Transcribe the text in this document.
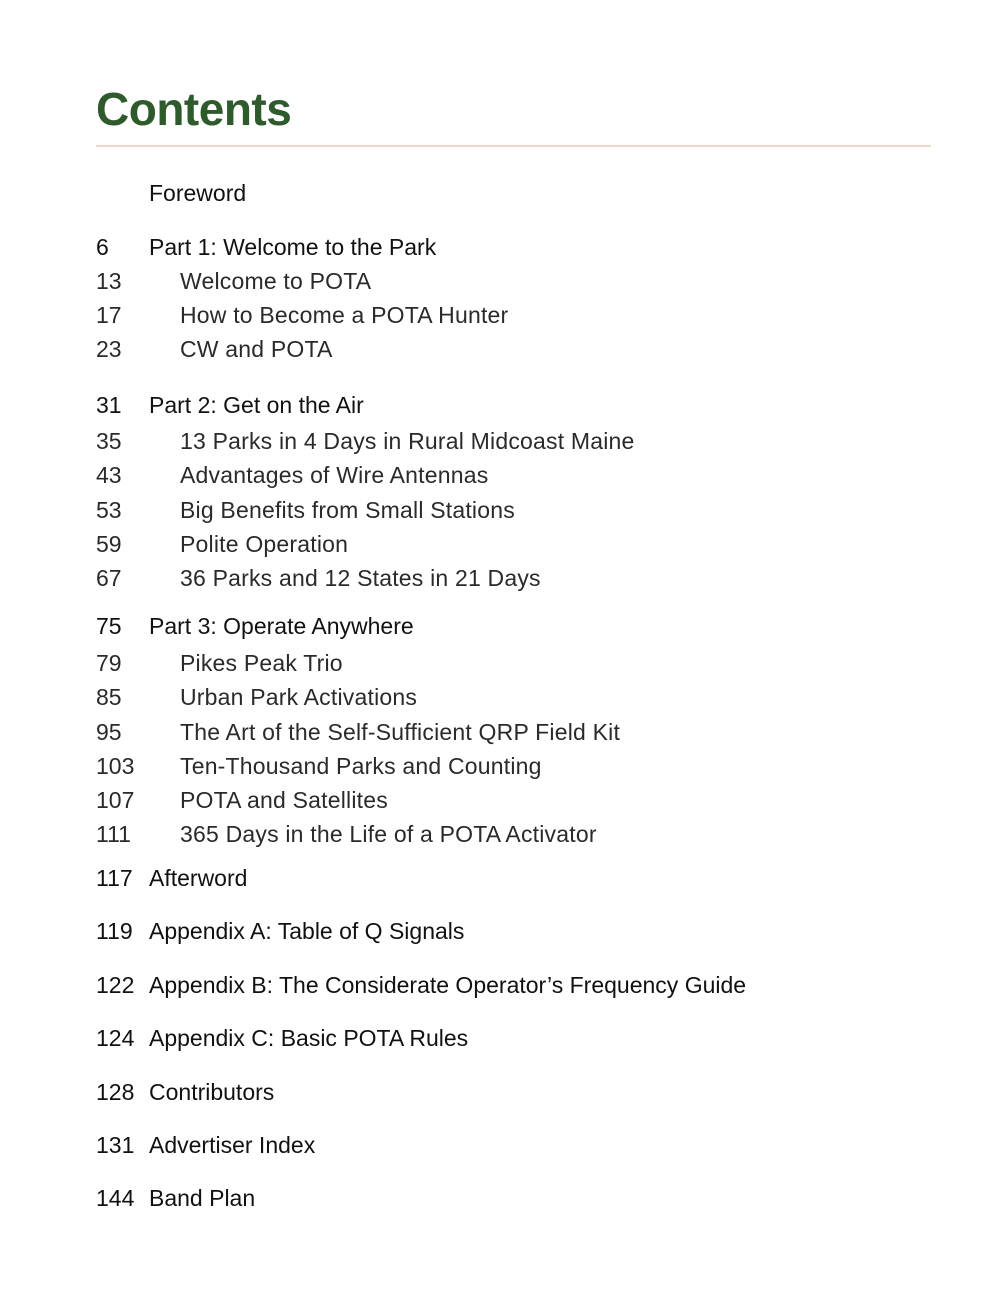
Contents
Foreword
6	Part 1: Welcome to the Park
13	Welcome to POTA
17	How to Become a POTA Hunter
23	CW and POTA
31	Part 2: Get on the Air
35	13 Parks in 4 Days in Rural Midcoast Maine
43	Advantages of Wire Antennas
53	Big Benefits from Small Stations
59	Polite Operation
67	36 Parks and 12 States in 21 Days
75	Part 3: Operate Anywhere
79	Pikes Peak Trio
85	Urban Park Activations
95	The Art of the Self-Sufficient QRP Field Kit
103	Ten-Thousand Parks and Counting
107	POTA and Satellites
111	365 Days in the Life of a POTA Activator
117 Afterword
119 Appendix A: Table of Q Signals
122 Appendix B: The Considerate Operator’s Frequency Guide
124 Appendix C: Basic POTA Rules
128 Contributors
131 Advertiser Index
144 Band Plan
